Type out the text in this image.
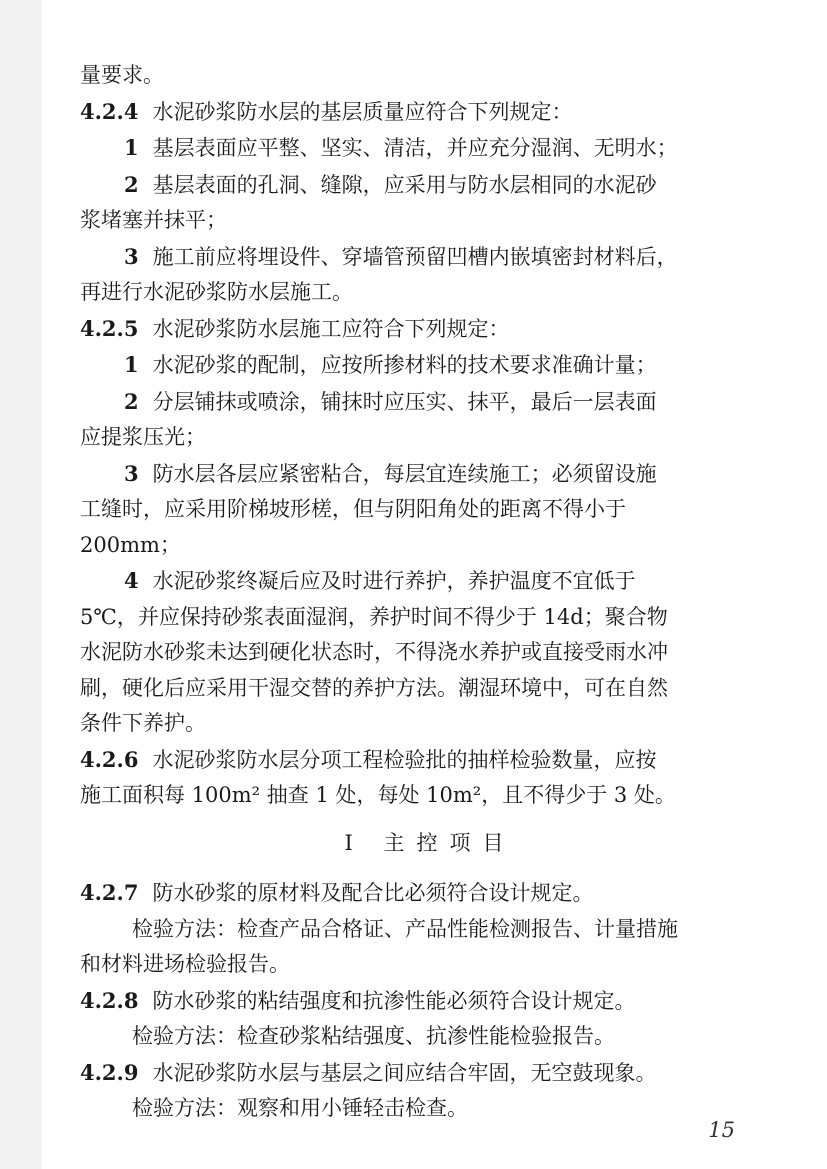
量要求。
4.2.4 水泥砂浆防水层的基层质量应符合下列规定：
1 基层表面应平整、坚实、清洁，并应充分湿润、无明水；
2 基层表面的孔洞、缝隙，应采用与防水层相同的水泥砂
浆堵塞并抹平；
3 施工前应将埋设件、穿墙管预留凹槽内嵌填密封材料后，
再进行水泥砂浆防水层施工。
4.2.5 水泥砂浆防水层施工应符合下列规定：
1 水泥砂浆的配制，应按所掺材料的技术要求准确计量；
2 分层铺抹或喷涂，铺抹时应压实、抹平，最后一层表面
应提浆压光；
3 防水层各层应紧密粘合，每层宜连续施工；必须留设施
工缝时，应采用阶梯坡形槎，但与阴阳角处的距离不得小于
200mm；
4 水泥砂浆终凝后应及时进行养护，养护温度不宜低于
5℃，并应保持砂浆表面湿润，养护时间不得少于 14d；聚合物
水泥防水砂浆未达到硬化状态时，不得浇水养护或直接受雨水冲
刷，硬化后应采用干湿交替的养护方法。潮湿环境中，可在自然
条件下养护。
4.2.6 水泥砂浆防水层分项工程检验批的抽样检验数量，应按
施工面积每 100m² 抽查 1 处，每处 10m²，且不得少于 3 处。
Ⅰ 主控项目
4.2.7 防水砂浆的原材料及配合比必须符合设计规定。
检验方法：检查产品合格证、产品性能检测报告、计量措施
和材料进场检验报告。
4.2.8 防水砂浆的粘结强度和抗渗性能必须符合设计规定。
检验方法：检查砂浆粘结强度、抗渗性能检验报告。
4.2.9 水泥砂浆防水层与基层之间应结合牢固，无空鼓现象。
检验方法：观察和用小锤轻击检查。
15
